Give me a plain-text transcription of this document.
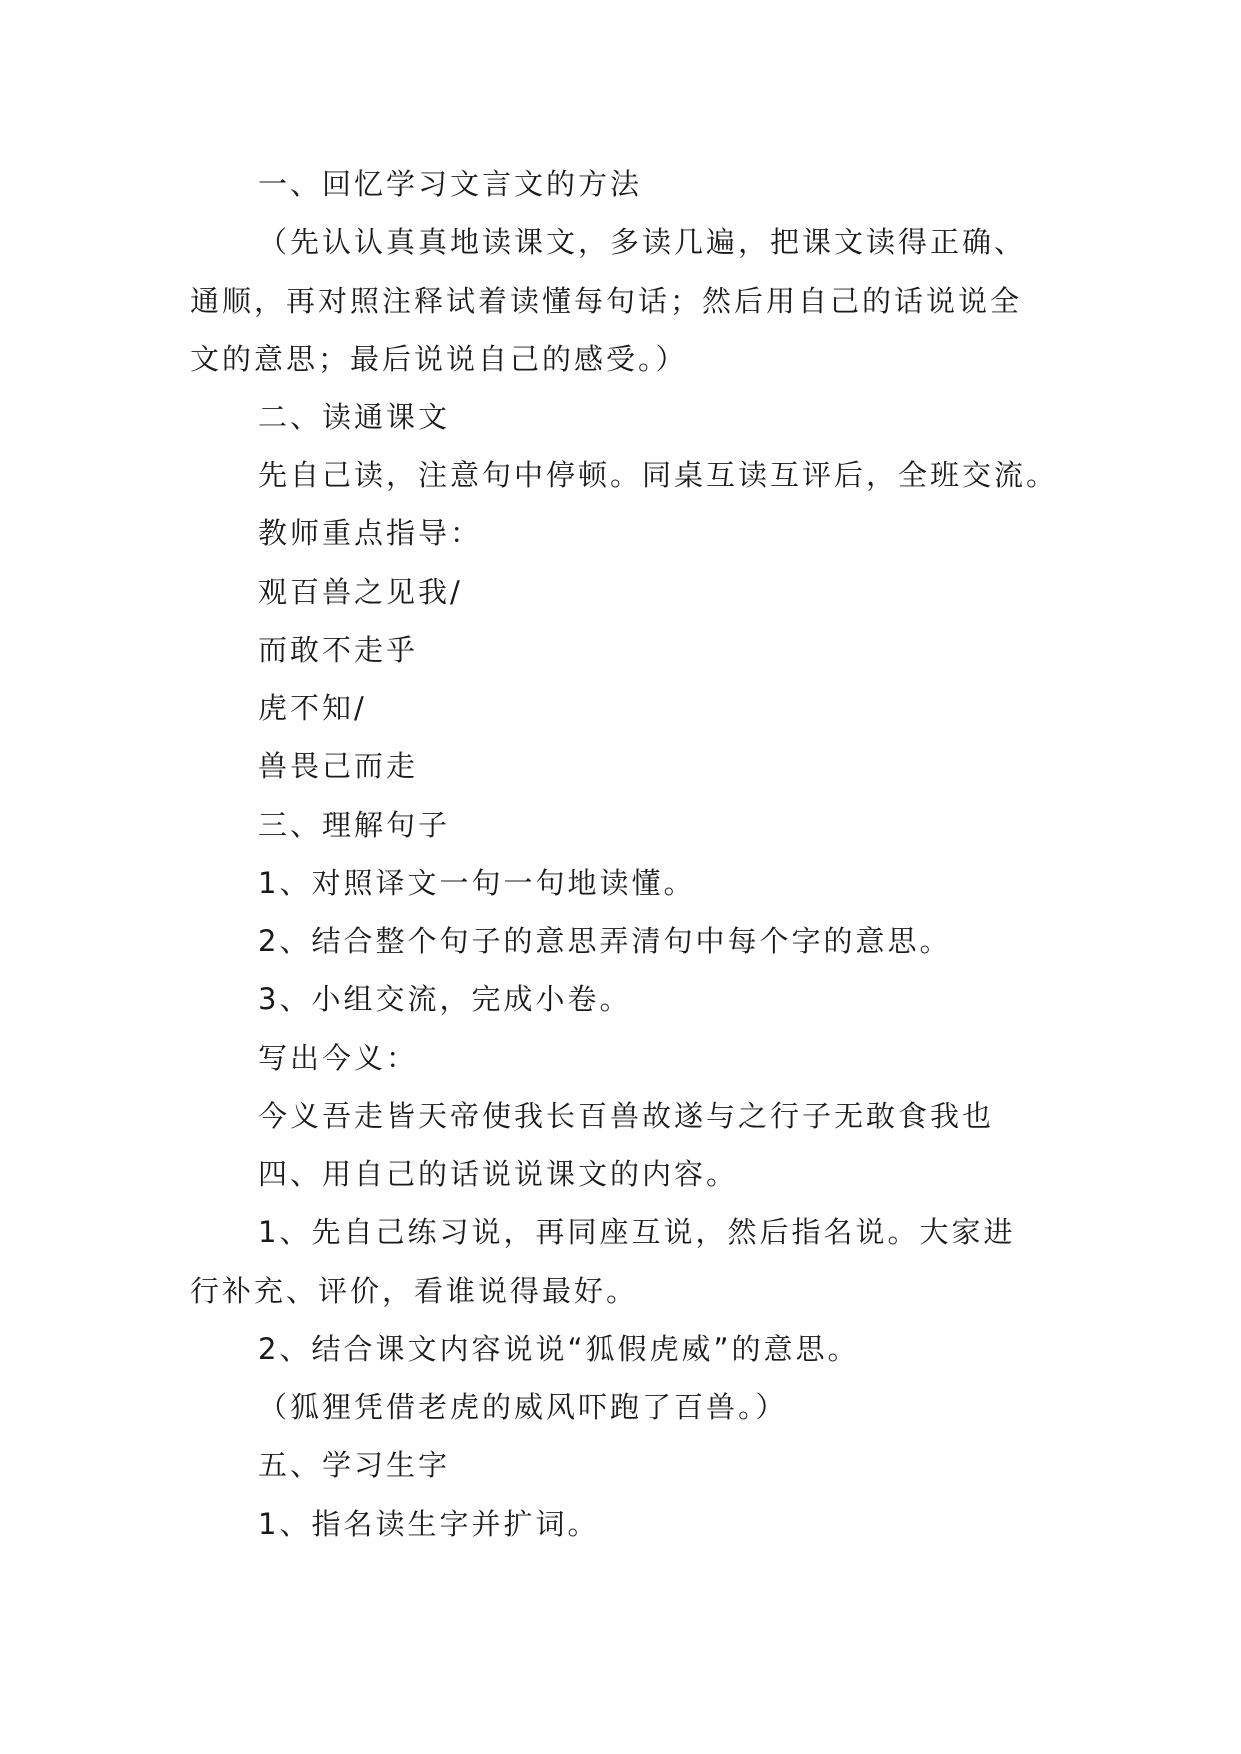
一、回忆学习文言文的方法
（先认认真真地读课文，多读几遍，把课文读得正确、
通顺，再对照注释试着读懂每句话；然后用自己的话说说全
文的意思；最后说说自己的感受。）
二、读通课文
先自己读，注意句中停顿。同桌互读互评后，全班交流。
教师重点指导：
观百兽之见我/
而敢不走乎
虎不知/
兽畏己而走
三、理解句子
1、对照译文一句一句地读懂。
2、结合整个句子的意思弄清句中每个字的意思。
3、小组交流，完成小卷。
写出今义：
今义吾走皆天帝使我长百兽故遂与之行子无敢食我也
四、用自己的话说说课文的内容。
1、先自己练习说，再同座互说，然后指名说。大家进
行补充、评价，看谁说得最好。
2、结合课文内容说说“狐假虎威”的意思。
（狐狸凭借老虎的威风吓跑了百兽。）
五、学习生字
1、指名读生字并扩词。
